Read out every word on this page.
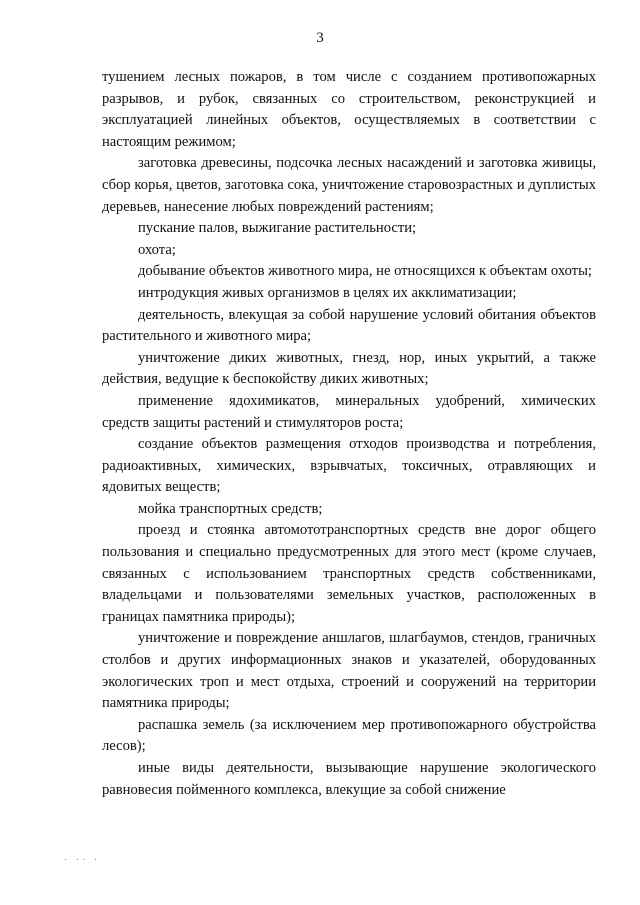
3

тушением лесных пожаров, в том числе с созданием противопожарных разрывов, и рубок, связанных со строительством, реконструкцией и эксплуатацией линейных объектов, осуществляемых в соответствии с настоящим режимом;

заготовка древесины, подсочка лесных насаждений и заготовка живицы, сбор корья, цветов, заготовка сока, уничтожение старовозрастных и дуплистых деревьев, нанесение любых повреждений растениям;

пускание палов, выжигание растительности;

охота;

добывание объектов животного мира, не относящихся к объектам охоты;

интродукция живых организмов в целях их акклиматизации;

деятельность, влекущая за собой нарушение условий обитания объектов растительного и животного мира;

уничтожение диких животных, гнезд, нор, иных укрытий, а также действия, ведущие к беспокойству диких животных;

применение ядохимикатов, минеральных удобрений, химических средств защиты растений и стимуляторов роста;

создание объектов размещения отходов производства и потребления, радиоактивных, химических, взрывчатых, токсичных, отравляющих и ядовитых веществ;

мойка транспортных средств;

проезд и стоянка автомототранспортных средств вне дорог общего пользования и специально предусмотренных для этого мест (кроме случаев, связанных с использованием транспортных средств собственниками, владельцами и пользователями земельных участков, расположенных в границах памятника природы);

уничтожение и повреждение аншлагов, шлагбаумов, стендов, граничных столбов и других информационных знаков и указателей, оборудованных экологических троп и мест отдыха, строений и сооружений на территории памятника природы;

распашка земель (за исключением мер противопожарного обустройства лесов);

иные виды деятельности, вызывающие нарушение экологического равновесия пойменного комплекса, влекущие за собой снижение

· ·· ·
